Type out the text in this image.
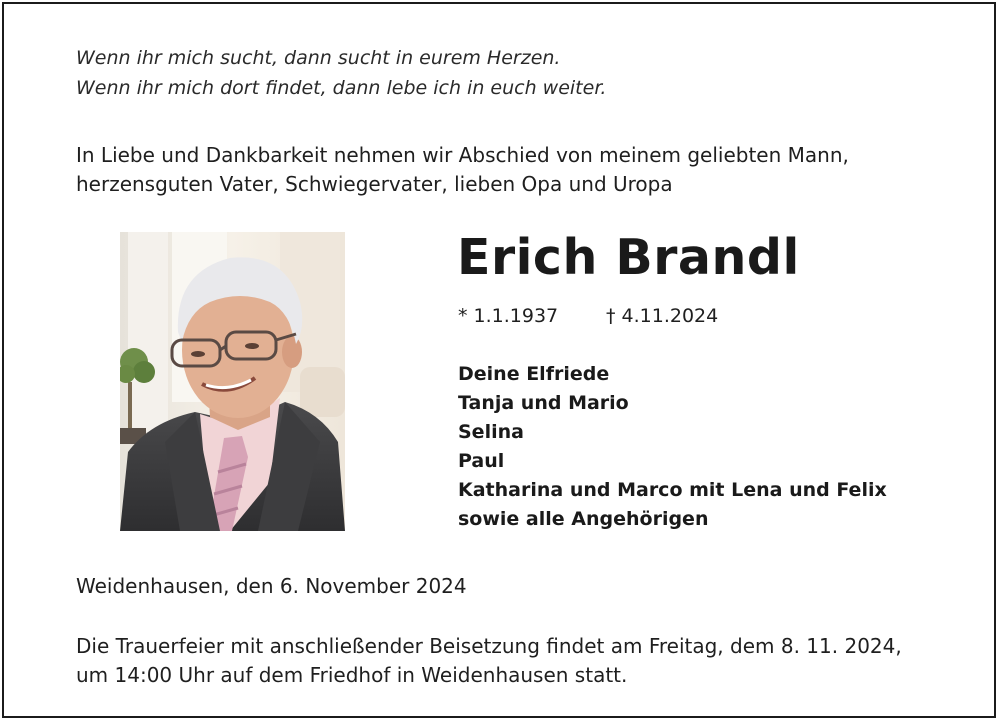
Wenn ihr mich sucht, dann sucht in eurem Herzen.

Wenn ihr mich dort findet, dann lebe ich in euch weiter.

In Liebe und Dankbarkeit nehmen wir Abschied von meinem geliebten Mann,

herzensguten Vater, Schwiegervater, lieben Opa und Uropa

Erich Brandl

* 1.1.1937	† 4.11.2024

Deine Elfriede

Tanja und Mario

Selina

Paul

Katharina und Marco mit Lena und Felix

sowie alle Angehörigen

Weidenhausen, den 6. November 2024

Die Trauerfeier mit anschließender Beisetzung findet am Freitag, dem 8. 11. 2024,

um 14:00 Uhr auf dem Friedhof in Weidenhausen statt.
